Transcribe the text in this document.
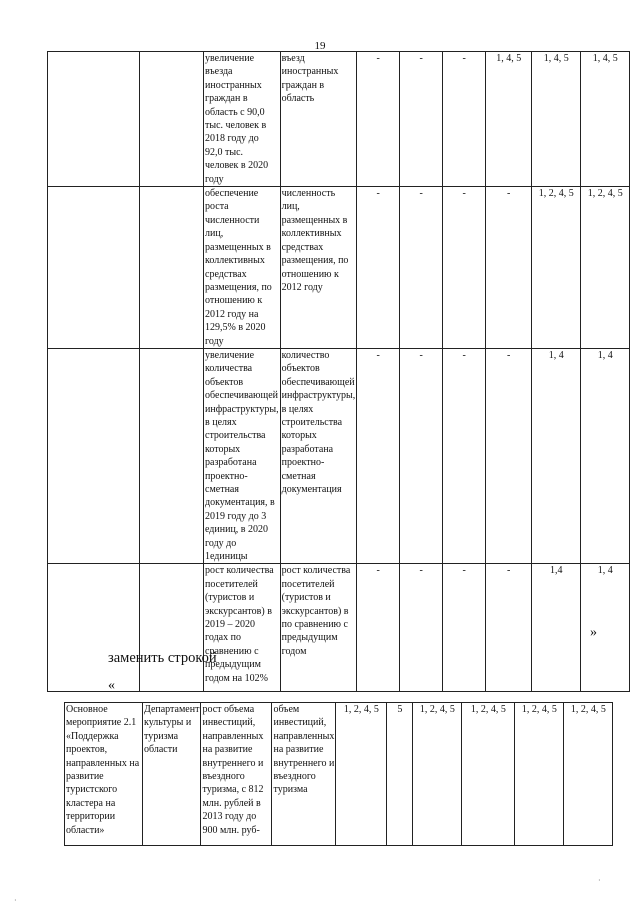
19
		увеличение въезда иностранных граждан в область с 90,0 тыс. человек в 2018 году до 92,0 тыс. человек в 2020 году	въезд иностранных граждан в область	-	-	-	1, 4, 5	1, 4, 5	1, 4, 5
		обеспечение роста численности лиц, размещенных в коллективных средствах размещения, по отношению к 2012 году на 129,5% в 2020 году	численность лиц, размещенных в коллективных средствах размещения, по отношению к 2012 году	-	-	-	-	1, 2, 4, 5	1, 2, 4, 5
		увеличение количества объектов обеспечивающей инфраструктуры, в целях строительства которых разработана проектно-сметная документация, в 2019 году до 3 единиц, в 2020 году до 1единицы	количество объектов обеспечивающей инфраструктуры, в целях строительства которых разработана проектно-сметная документация	-	-	-	-	1, 4	1, 4
		рост количества посетителей (туристов и экскурсантов) в 2019 – 2020 годах по сравнению с предыдущим годом на 102%	рост количества посетителей (туристов и экскурсантов) в по сравнению с предыдущим годом	-	-	-	-	1,4	1, 4
»
заменить строкой
«
Основное мероприятие 2.1 «Поддержка проектов, направленных на развитие туристского кластера на территории области»	Департамент культуры и туризма области	рост объема инвестиций, направленных на развитие внутреннего и въездного туризма, с 812 млн. рублей в 2013 году до 900 млн. руб-	объем инвестиций, направленных на развитие внутреннего и въездного туризма	1, 2, 4, 5	5	1, 2, 4, 5	1, 2, 4, 5	1, 2, 4, 5	1, 2, 4, 5
·
·
